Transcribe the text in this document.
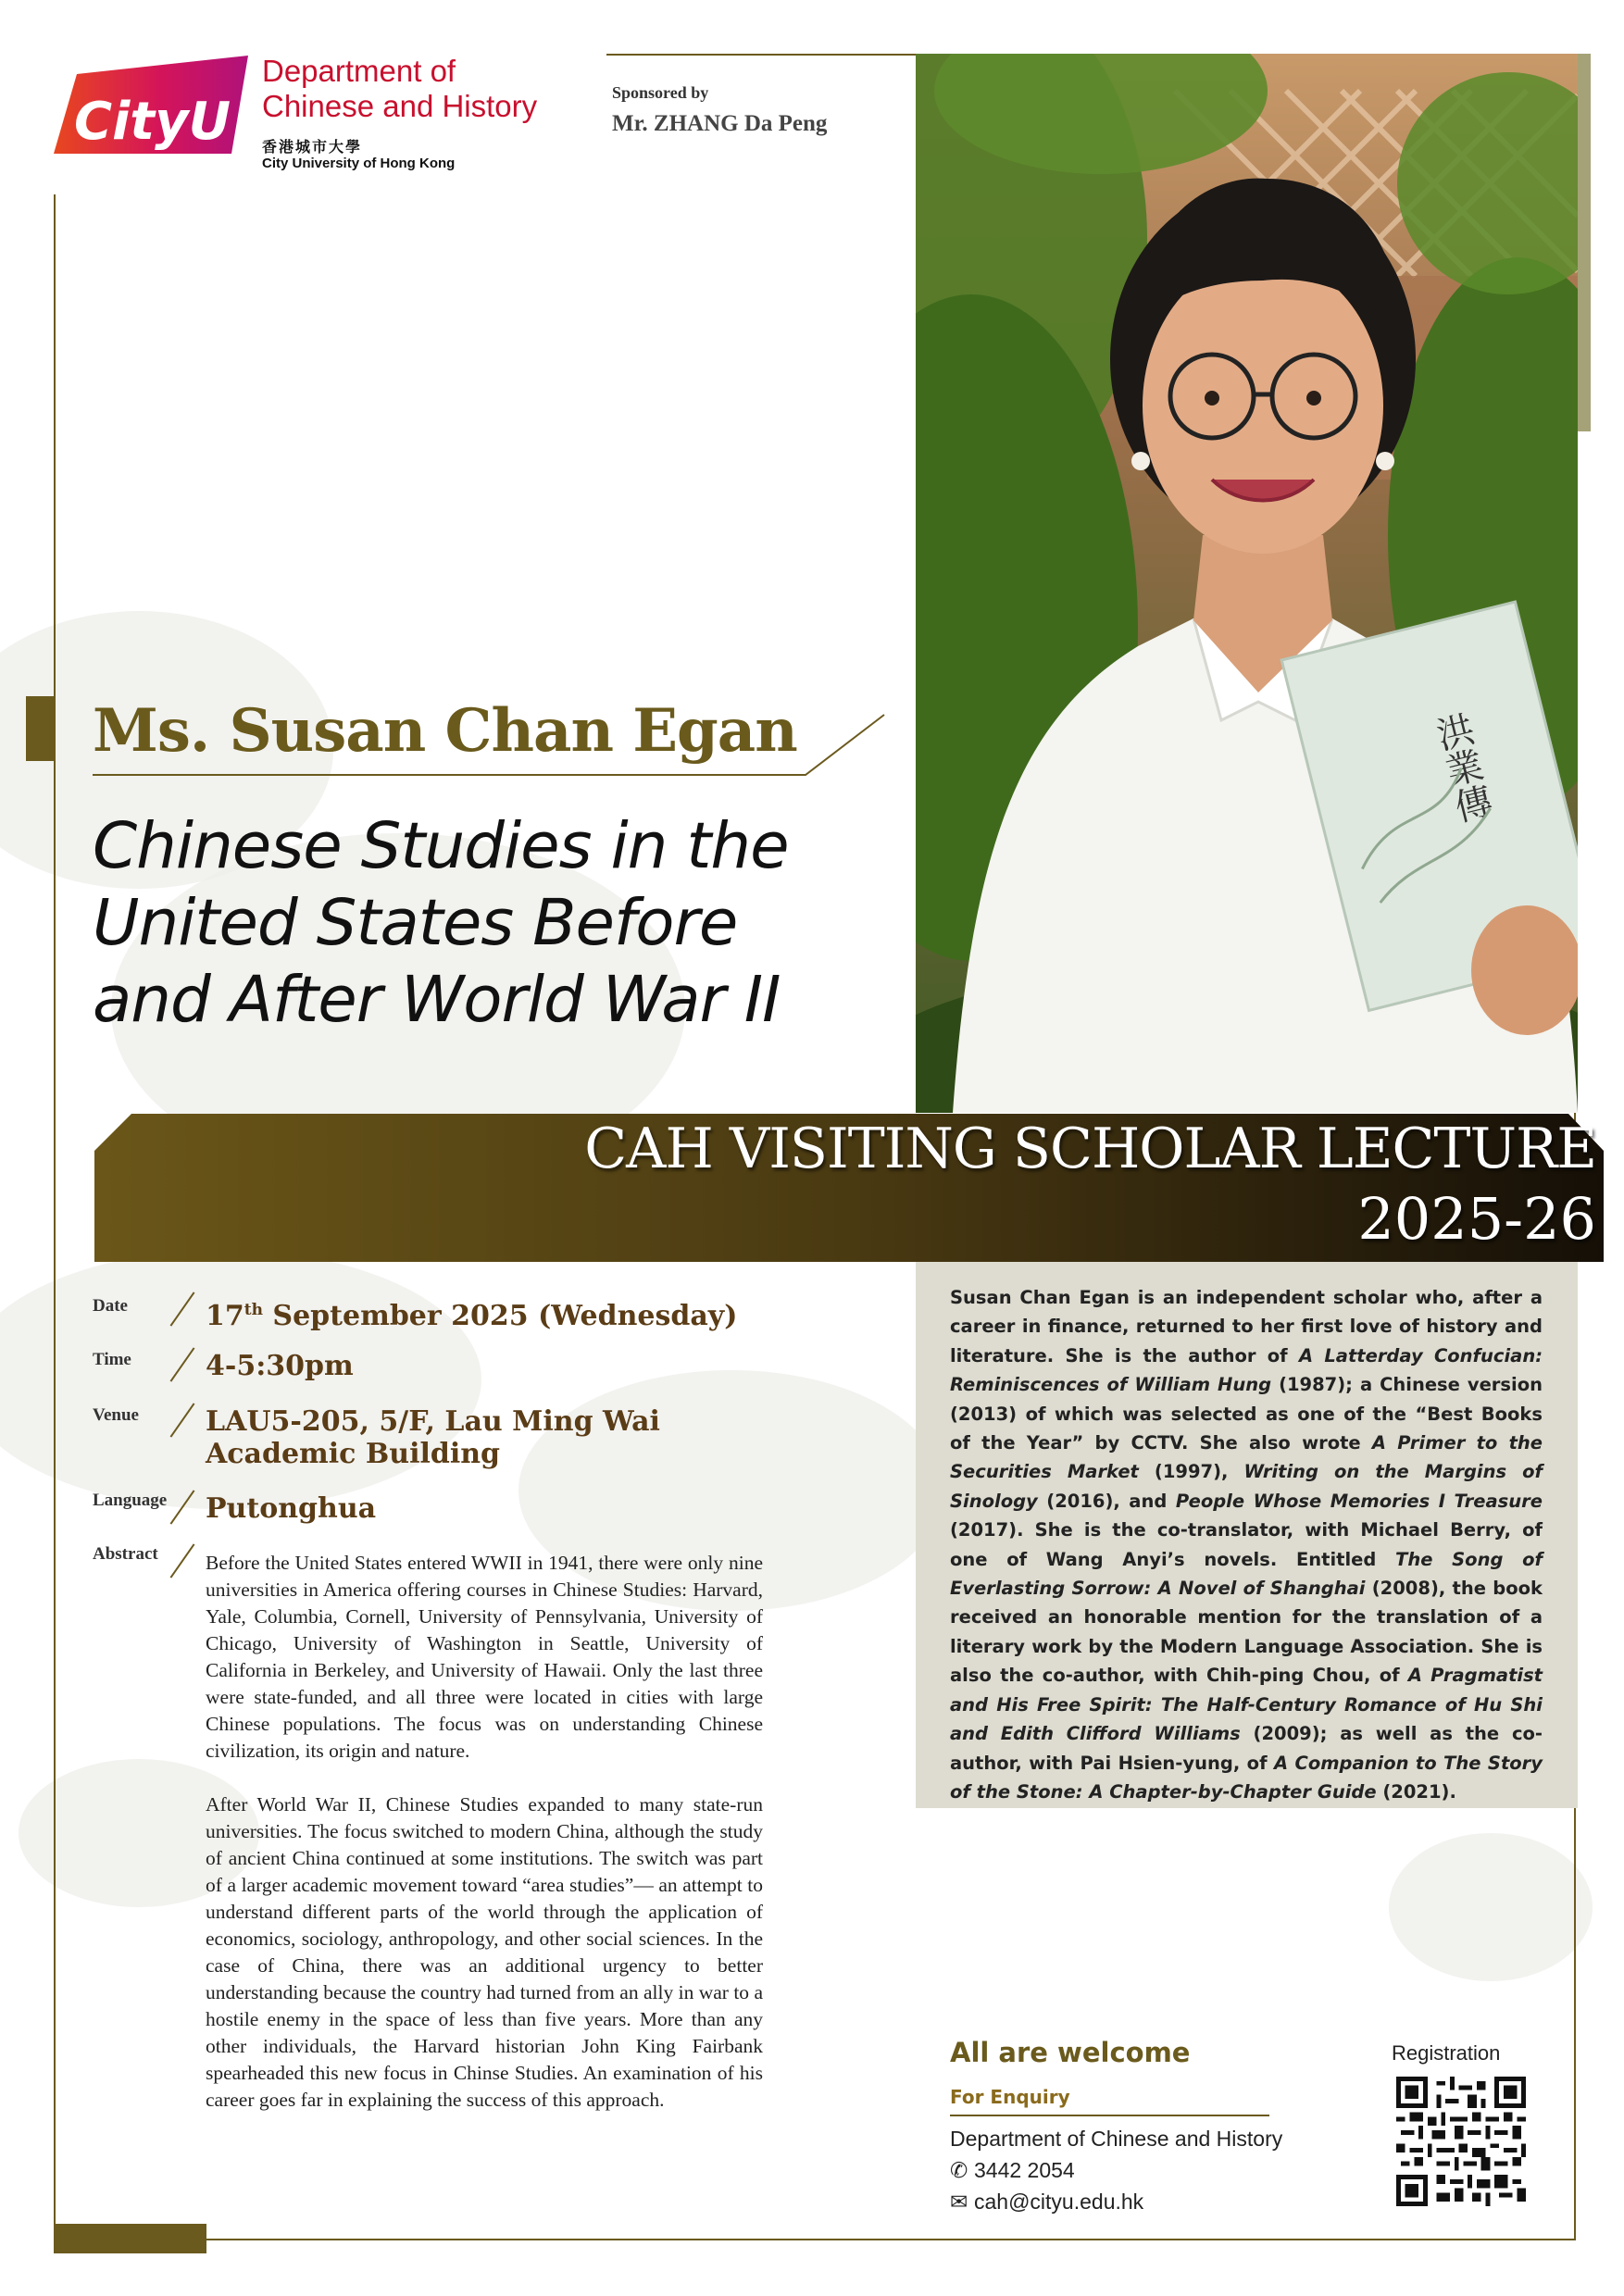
CityU
Department of
Chinese and History
香港城市大學
City University of Hong Kong
Sponsored by
Mr. ZHANG Da Peng
洪業傳
Ms. Susan Chan Egan
Chinese Studies in the
United States Before
and After World War II
CAH VISITING SCHOLAR LECTURE
2025-26
Date	17th September 2025 (Wednesday)
Time	4-5:30pm
Venue LAU5-205, 5/F, Lau Ming Wai Academic Building
Language Putonghua
Abstract Before the United States entered WWII in 1941, there were only nine universities in America offering courses in Chinese Studies: Harvard, Yale, Columbia, Cornell, University of Pennsylvania, University of Chicago, University of Washington in Seattle, University of California in Berkeley, and University of Hawaii. Only the last three were state-funded, and all three were located in cities with large Chinese populations. The focus was on understanding Chinese civilization, its origin and nature.

After World War II, Chinese Studies expanded to many state-run universities. The focus switched to modern China, although the study of ancient China continued at some institutions. The switch was part of a larger academic movement toward “area studies”— an attempt to understand different parts of the world through the application of economics, sociology, anthropology, and other social sciences. In the case of China, there was an additional urgency to better understanding because the country had turned from an ally in war to a hostile enemy in the space of less than five years. More than any other individuals, the Harvard historian John King Fairbank spearheaded this new focus in Chinse Studies. An examination of his career goes far in explaining the success of this approach.

Susan Chan Egan is an independent scholar who, after a career in finance, returned to her first love of history and literature. She is the author of A Latterday Confucian: Reminiscences of William Hung (1987); a Chinese version (2013) of which was selected as one of the “Best Books of the Year” by CCTV. She also wrote A Primer to the Securities Market (1997), Writing on the Margins of Sinology (2016), and People Whose Memories I Treasure (2017). She is the co-translator, with Michael Berry, of one of Wang Anyi’s novels. Entitled The Song of Everlasting Sorrow: A Novel of Shanghai (2008), the book received an honorable mention for the translation of a literary work by the Modern Language Association. She is also the co-author, with Chih-ping Chou, of A Pragmatist and His Free Spirit: The Half-Century Romance of Hu Shi and Edith Clifford Williams (2009); as well as the co-author, with Pai Hsien-yung, of A Companion to The Story of the Stone: A Chapter-by-Chapter Guide (2021).
All are welcome
For Enquiry
Department of Chinese and History
✆ 3442 2054
✉ cah@cityu.edu.hk
Registration
